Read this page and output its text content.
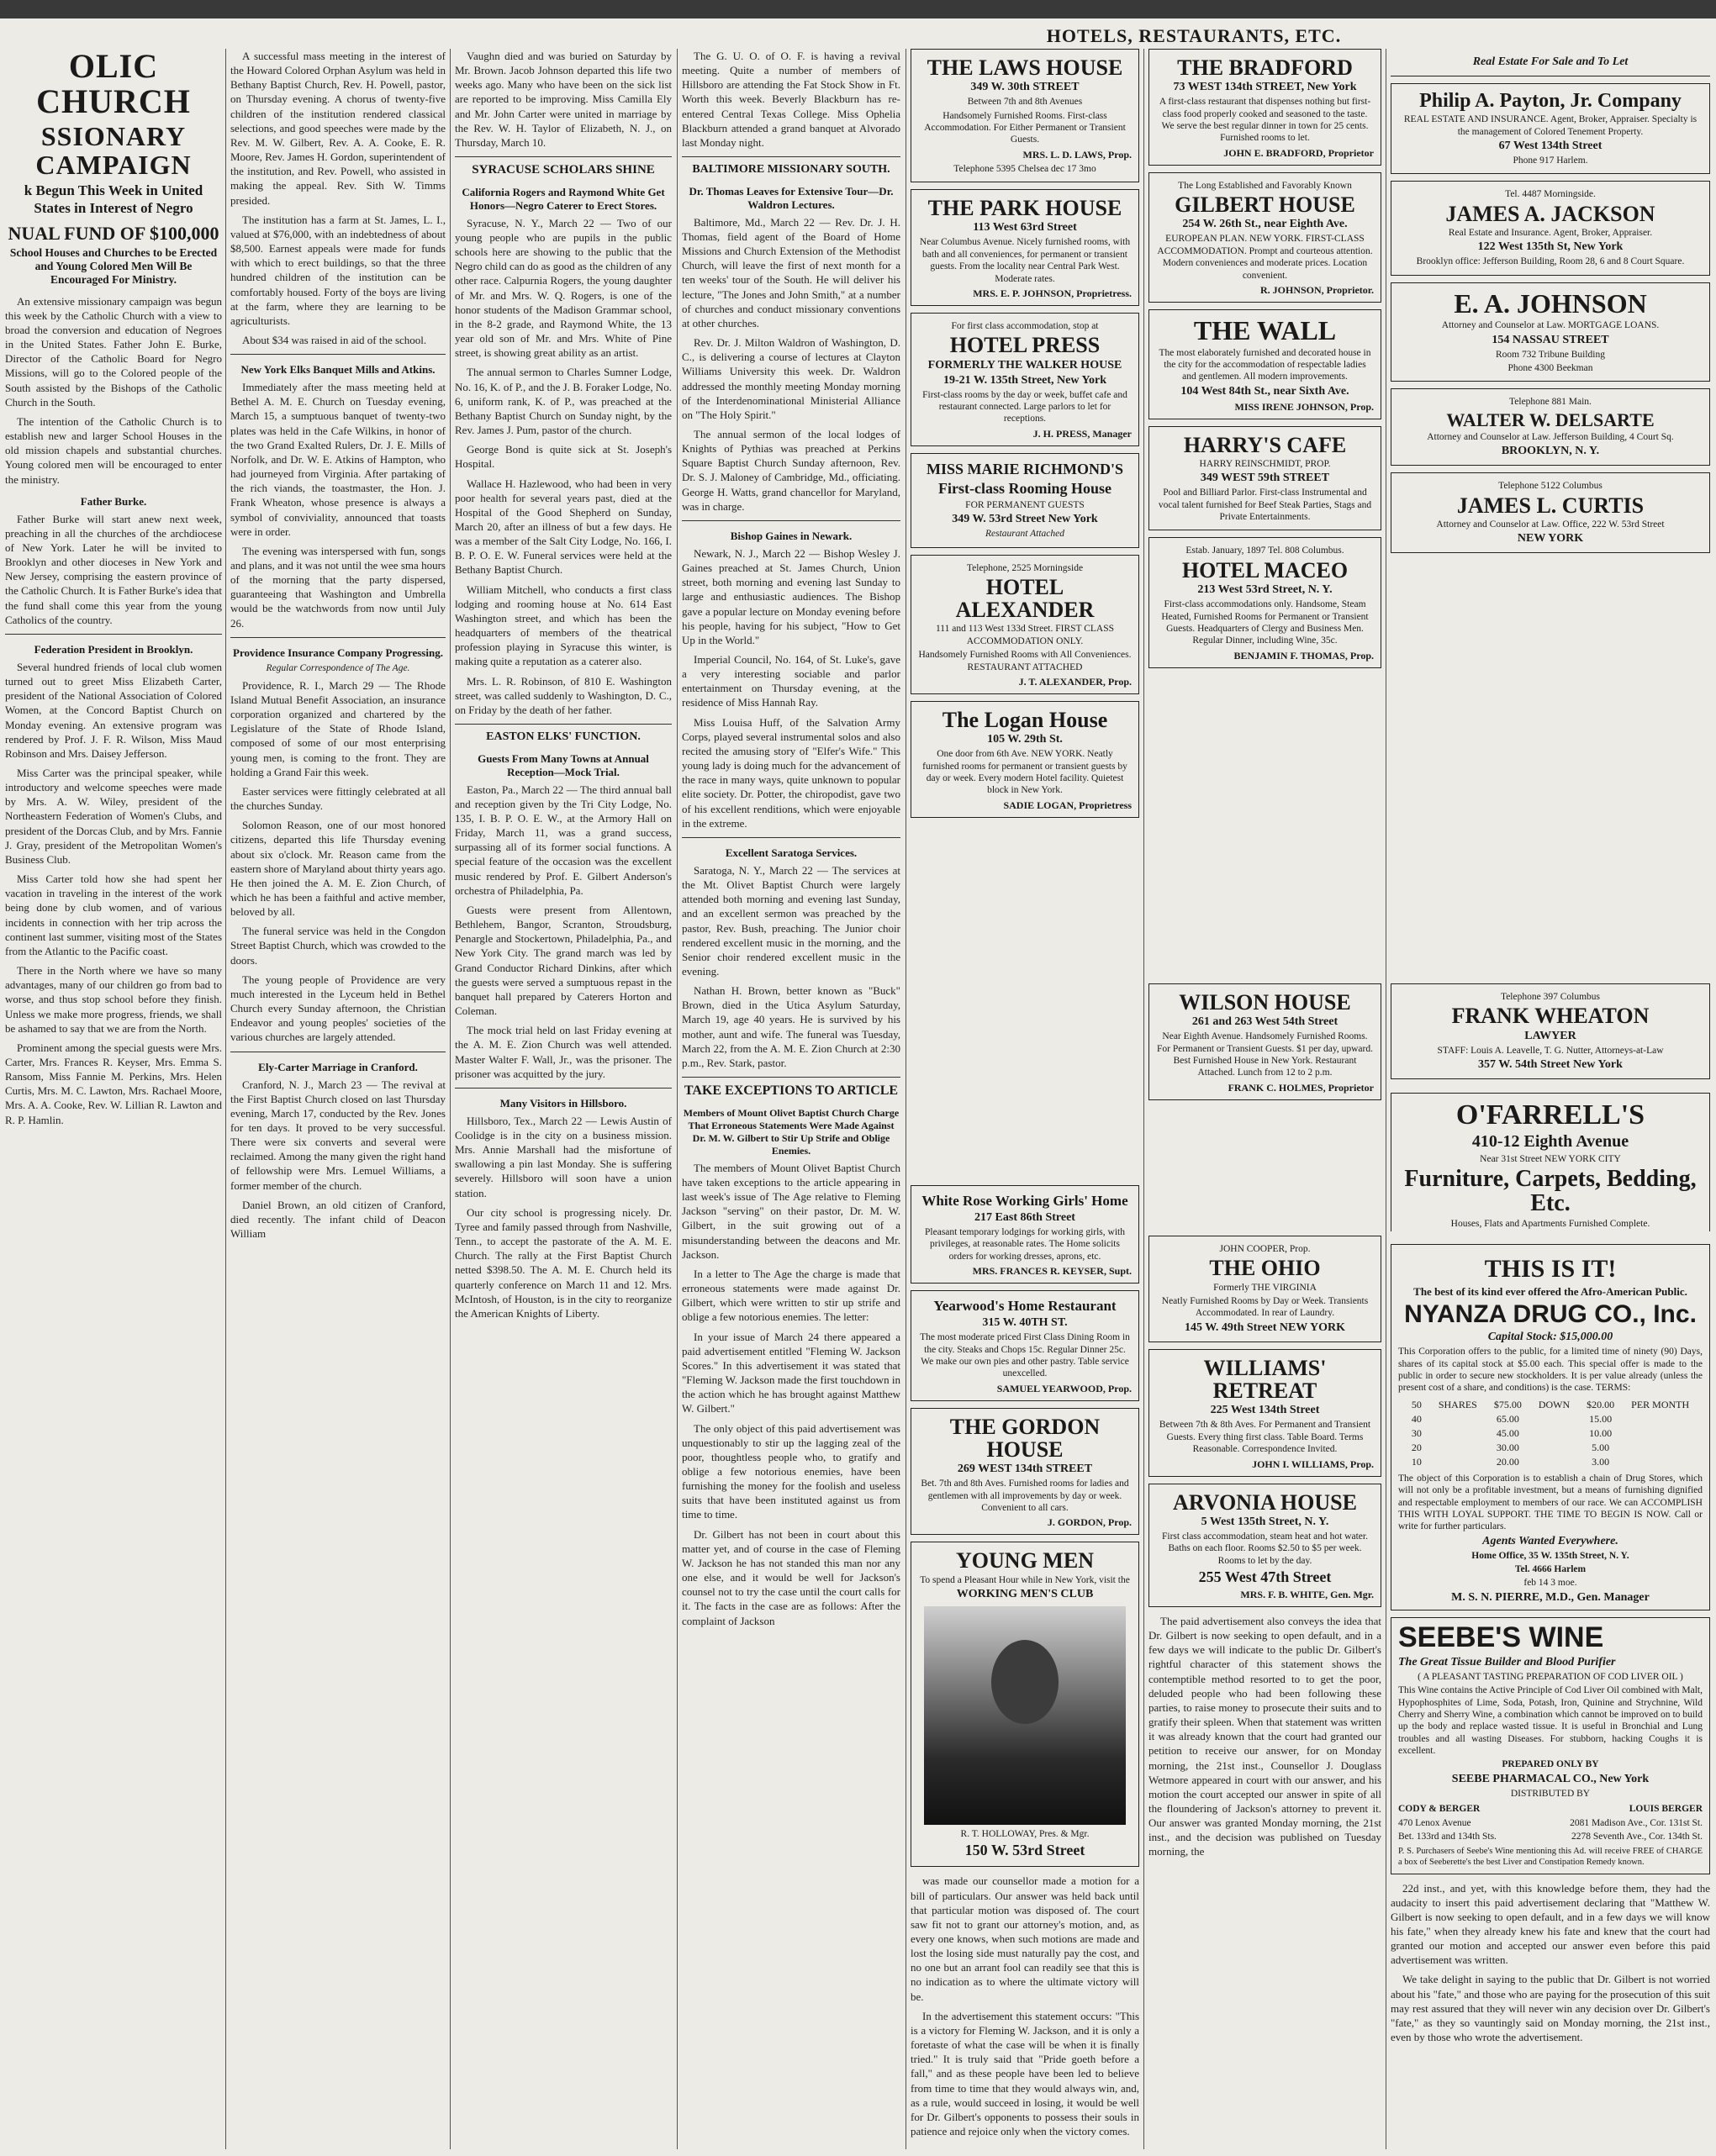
HOTELS, RESTAURANTS, ETC.
OLIC CHURCH
SSIONARY CAMPAIGN
k Begun This Week in United States in Interest of Negro
NUAL FUND OF $100,000
School Houses and Churches to be Erected and Young Colored Men Will Be Encouraged For Ministry.

An extensive missionary campaign was begun this week by the Catholic Church with a view to broad the conversion and education of Negroes in the United States. Father John E. Burke, Director of the Catholic Board for Negro Missions, will go to the Colored people of the South assisted by the Bishops of the Catholic Church in the South.

The intention of the Catholic Church is to establish new and larger School Houses in the old mission chapels and substantial churches. Young colored men will be encouraged to enter the ministry.

Father Burke.

Father Burke will start anew next week, preaching in all the churches of the archdiocese of New York. Later he will be invited to Brooklyn and other dioceses in New York and New Jersey, comprising the eastern province of the Catholic Church. It is Father Burke's idea that the fund shall come this year from the young Catholics of the country.

Federation President in Brooklyn.

Several hundred friends of local club women turned out to greet Miss Elizabeth Carter, president of the National Association of Colored Women, at the Concord Baptist Church on Monday evening. An extensive program was rendered by Prof. J. F. R. Wilson, Miss Maud Robinson and Mrs. Daisey Jefferson.

Miss Carter was the principal speaker, while introductory and welcome speeches were made by Mrs. A. W. Wiley, president of the Northeastern Federation of Women's Clubs, and president of the Dorcas Club, and by Mrs. Fannie J. Gray, president of the Metropolitan Women's Business Club.

Miss Carter told how she had spent her vacation in traveling in the interest of the work being done by club women, and of various incidents in connection with her trip across the continent last summer, visiting most of the States from the Atlantic to the Pacific coast.

There in the North where we have so many advantages, many of our children go from bad to worse, and thus stop school before they finish. Unless we make more progress, friends, we shall be ashamed to say that we are from the North.

Prominent among the special guests were Mrs. Carter, Mrs. Frances R. Keyser, Mrs. Emma S. Ransom, Miss Fannie M. Perkins, Mrs. Helen Curtis, Mrs. M. C. Lawton, Mrs. Rachael Moore, Mrs. A. A. Cooke, Rev. W. Lillian R. Lawton and R. P. Hamlin.

A successful mass meeting in the interest of the Howard Colored Orphan Asylum was held in Bethany Baptist Church, Rev. H. Powell, pastor, on Thursday evening. A chorus of twenty-five children of the institution rendered classical selections, and good speeches were made by the Rev. M. W. Gilbert, Rev. A. A. Cooke, E. R. Moore, Rev. James H. Gordon, superintendent of the institution, and Rev. Powell, who assisted in making the appeal. Rev. Sith W. Timms presided.

The institution has a farm at St. James, L. I., valued at $76,000, with an indebtedness of about $8,500. Earnest appeals were made for funds with which to erect buildings, so that the three hundred children of the institution can be comfortably housed. Forty of the boys are living at the farm, where they are learning to be agriculturists.

About $34 was raised in aid of the school.

New York Elks Banquet Mills and Atkins.

Immediately after the mass meeting held at Bethel A. M. E. Church on Tuesday evening, March 15, a sumptuous banquet of twenty-two plates was held in the Cafe Wilkins, in honor of the two Grand Exalted Rulers, Dr. J. E. Mills of Norfolk, and Dr. W. E. Atkins of Hampton, who had journeyed from Virginia. After partaking of the rich viands, the toastmaster, the Hon. J. Frank Wheaton, whose presence is always a symbol of conviviality, announced that toasts were in order.

The evening was interspersed with fun, songs and plans, and it was not until the wee sma hours of the morning that the party dispersed, guaranteeing that Washington and Umbrella would be the watchwords from now until July 26.

Providence Insurance Company Progressing.
Regular Correspondence of The Age.

Providence, R. I., March 29 — The Rhode Island Mutual Benefit Association, an insurance corporation organized and chartered by the Legislature of the State of Rhode Island, composed of some of our most enterprising young men, is coming to the front. They are holding a Grand Fair this week.

Easter services were fittingly celebrated at all the churches Sunday.

Solomon Reason, one of our most honored citizens, departed this life Thursday evening about six o'clock. Mr. Reason came from the eastern shore of Maryland about thirty years ago. He then joined the A. M. E. Zion Church, of which he has been a faithful and active member, beloved by all.

The funeral service was held in the Congdon Street Baptist Church, which was crowded to the doors.

The young people of Providence are very much interested in the Lyceum held in Bethel Church every Sunday afternoon, the Christian Endeavor and young peoples' societies of the various churches are largely attended.

Ely-Carter Marriage in Cranford.

Cranford, N. J., March 23 — The revival at the First Baptist Church closed on last Thursday evening, March 17, conducted by the Rev. Jones for ten days. It proved to be very successful. There were six converts and several were reclaimed. Among the many given the right hand of fellowship were Mrs. Lemuel Williams, a former member of the church.

Daniel Brown, an old citizen of Cranford, died recently. The infant child of Deacon William

Vaughn died and was buried on Saturday by Mr. Brown. Jacob Johnson departed this life two weeks ago. Many who have been on the sick list are reported to be improving. Miss Camilla Ely and Mr. John Carter were united in marriage by the Rev. W. H. Taylor of Elizabeth, N. J., on Thursday, March 10.

SYRACUSE SCHOLARS SHINE
California Rogers and Raymond White Get Honors—Negro Caterer to Erect Stores.

Syracuse, N. Y., March 22 — Two of our young people who are pupils in the public schools here are showing to the public that the Negro child can do as good as the children of any other race. Calpurnia Rogers, the young daughter of Mr. and Mrs. W. Q. Rogers, is one of the honor students of the Madison Grammar school, in the 8-2 grade, and Raymond White, the 13 year old son of Mr. and Mrs. White of Pine street, is showing great ability as an artist.

The annual sermon to Charles Sumner Lodge, No. 16, K. of P., and the J. B. Foraker Lodge, No. 6, uniform rank, K. of P., was preached at the Bethany Baptist Church on Sunday night, by the Rev. James J. Pum, pastor of the church.

George Bond is quite sick at St. Joseph's Hospital.

Wallace H. Hazlewood, who had been in very poor health for several years past, died at the Hospital of the Good Shepherd on Sunday, March 20, after an illness of but a few days. He was a member of the Salt City Lodge, No. 166, I. B. P. O. E. W. Funeral services were held at the Bethany Baptist Church.

William Mitchell, who conducts a first class lodging and rooming house at No. 614 East Washington street, and which has been the headquarters of members of the theatrical profession playing in Syracuse this winter, is making quite a reputation as a caterer also.

Mrs. L. R. Robinson, of 810 E. Washington street, was called suddenly to Washington, D. C., on Friday by the death of her father.

EASTON ELKS' FUNCTION.
Guests From Many Towns at Annual Reception—Mock Trial.

Easton, Pa., March 22 — The third annual ball and reception given by the Tri City Lodge, No. 135, I. B. P. O. E. W., at the Armory Hall on Friday, March 11, was a grand success, surpassing all of its former social functions. A special feature of the occasion was the excellent music rendered by Prof. E. Gilbert Anderson's orchestra of Philadelphia, Pa.

Guests were present from Allentown, Bethlehem, Bangor, Scranton, Stroudsburg, Penargle and Stockertown, Philadelphia, Pa., and New York City. The grand march was led by Grand Conductor Richard Dinkins, after which the guests were served a sumptuous repast in the banquet hall prepared by Caterers Horton and Coleman.

The mock trial held on last Friday evening at the A. M. E. Zion Church was well attended. Master Walter F. Wall, Jr., was the prisoner. The prisoner was acquitted by the jury.

Many Visitors in Hillsboro.

Hillsboro, Tex., March 22 — Lewis Austin of Coolidge is in the city on a business mission. Mrs. Annie Marshall had the misfortune of swallowing a pin last Monday. She is suffering severely. Hillsboro will soon have a union station.

Our city school is progressing nicely. Dr. Tyree and family passed through from Nashville, Tenn., to accept the pastorate of the A. M. E. Church. The rally at the First Baptist Church netted $398.50. The A. M. E. Church held its quarterly conference on March 11 and 12. Mrs. McIntosh, of Houston, is in the city to reorganize the American Knights of Liberty.

The G. U. O. of O. F. is having a revival meeting. Quite a number of members of Hillsboro are attending the Fat Stock Show in Ft. Worth this week. Beverly Blackburn has re-entered Central Texas College. Miss Ophelia Blackburn attended a grand banquet at Alvorado last Monday night.

BALTIMORE MISSIONARY SOUTH.
Dr. Thomas Leaves for Extensive Tour—Dr. Waldron Lectures.

Baltimore, Md., March 22 — Rev. Dr. J. H. Thomas, field agent of the Board of Home Missions and Church Extension of the Methodist Church, will leave the first of next month for a ten weeks' tour of the South. He will deliver his lecture, "The Jones and John Smith," at a number of churches and conduct missionary conventions at other churches.

Rev. Dr. J. Milton Waldron of Washington, D. C., is delivering a course of lectures at Clayton Williams University this week. Dr. Waldron addressed the monthly meeting Monday morning of the Interdenominational Ministerial Alliance on "The Holy Spirit."

The annual sermon of the local lodges of Knights of Pythias was preached at Perkins Square Baptist Church Sunday afternoon, Rev. Dr. S. J. Maloney of Cambridge, Md., officiating. George H. Watts, grand chancellor for Maryland, was in charge.

Bishop Gaines in Newark.

Newark, N. J., March 22 — Bishop Wesley J. Gaines preached at St. James Church, Union street, both morning and evening last Sunday to large and enthusiastic audiences. The Bishop gave a popular lecture on Monday evening before his people, having for his subject, "How to Get Up in the World."

Imperial Council, No. 164, of St. Luke's, gave a very interesting sociable and parlor entertainment on Thursday evening, at the residence of Miss Hannah Ray.

Miss Louisa Huff, of the Salvation Army Corps, played several instrumental solos and also recited the amusing story of "Elfer's Wife." This young lady is doing much for the advancement of the race in many ways, quite unknown to popular elite society. Dr. Potter, the chiropodist, gave two of his excellent renditions, which were enjoyable in the extreme.

Excellent Saratoga Services.

Saratoga, N. Y., March 22 — The services at the Mt. Olivet Baptist Church were largely attended both morning and evening last Sunday, and an excellent sermon was preached by the pastor, Rev. Bush, preaching. The Junior choir rendered excellent music in the morning, and the Senior choir rendered excellent music in the evening.

Nathan H. Brown, better known as "Buck" Brown, died in the Utica Asylum Saturday, March 19, age 40 years. He is survived by his mother, aunt and wife. The funeral was Tuesday, March 22, from the A. M. E. Zion Church at 2:30 p.m., Rev. Stark, pastor.

TAKE EXCEPTIONS TO ARTICLE
Members of Mount Olivet Baptist Church Charge That Erroneous Statements Were Made Against Dr. M. W. Gilbert to Stir Up Strife and Oblige Enemies.

The members of Mount Olivet Baptist Church have taken exceptions to the article appearing in last week's issue of The Age relative to Fleming Jackson "serving" on their pastor, Dr. M. W. Gilbert, in the suit growing out of a misunderstanding between the deacons and Mr. Jackson.

In a letter to The Age the charge is made that erroneous statements were made against Dr. Gilbert, which were written to stir up strife and oblige a few notorious enemies. The letter:

In your issue of March 24 there appeared a paid advertisement entitled "Fleming W. Jackson Scores." In this advertisement it was stated that "Fleming W. Jackson made the first touchdown in the action which he has brought against Matthew W. Gilbert."

The only object of this paid advertisement was unquestionably to stir up the lagging zeal of the poor, thoughtless people who, to gratify and oblige a few notorious enemies, have been furnishing the money for the foolish and useless suits that have been instituted against us from time to time.

Dr. Gilbert has not been in court about this matter yet, and of course in the case of Fleming W. Jackson he has not standed this man nor any one else, and it would be well for Jackson's counsel not to try the case until the court calls for it. The facts in the case are as follows: After the complaint of Jackson

THE LAWS HOUSE
349 W. 30th STREET
Between 7th and 8th Avenues
Handsomely Furnished Rooms. First-class Accommodation. For Either Permanent or Transient Guests.
MRS. L. D. LAWS, Prop.
Telephone 5395 Chelsea dec 17 3mo
THE PARK HOUSE
113 West 63rd Street
Near Columbus Avenue. Nicely furnished rooms, with bath and all conveniences, for permanent or transient guests. From the locality near Central Park West. Moderate rates.
MRS. E. P. JOHNSON, Proprietress.
For first class accommodation, stop at
HOTEL PRESS
FORMERLY THE WALKER HOUSE
19-21 W. 135th Street, New York
First-class rooms by the day or week, buffet cafe and restaurant connected. Large parlors to let for receptions.
J. H. PRESS, Manager
MISS MARIE RICHMOND'S
First-class Rooming House
FOR PERMANENT GUESTS
349 W. 53rd Street New York
Restaurant Attached
Telephone, 2525 Morningside
HOTEL ALEXANDER
111 and 113 West 133d Street. FIRST CLASS ACCOMMODATION ONLY.
Handsomely Furnished Rooms with All Conveniences. RESTAURANT ATTACHED
J. T. ALEXANDER, Prop.
The Logan House
105 W. 29th St.
One door from 6th Ave. NEW YORK. Neatly furnished rooms for permanent or transient guests by day or week. Every modern Hotel facility. Quietest block in New York.
SADIE LOGAN, Proprietress
THE BRADFORD
73 WEST 134th STREET, New York
A first-class restaurant that dispenses nothing but first-class food properly cooked and seasoned to the taste. We serve the best regular dinner in town for 25 cents. Furnished rooms to let.
JOHN E. BRADFORD, Proprietor
The Long Established and Favorably Known
GILBERT HOUSE
254 W. 26th St., near Eighth Ave.
EUROPEAN PLAN. NEW YORK. FIRST-CLASS ACCOMMODATION. Prompt and courteous attention. Modern conveniences and moderate prices. Location convenient.
R. JOHNSON, Proprietor.
THE WALL
The most elaborately furnished and decorated house in the city for the accommodation of respectable ladies and gentlemen. All modern improvements.
104 West 84th St., near Sixth Ave.
MISS IRENE JOHNSON, Prop.
HARRY'S CAFE
HARRY REINSCHMIDT, PROP.
349 WEST 59th STREET
Pool and Billiard Parlor. First-class Instrumental and vocal talent furnished for Beef Steak Parties, Stags and Private Entertainments.
Estab. January, 1897 Tel. 808 Columbus.
HOTEL MACEO
213 West 53rd Street, N. Y.
First-class accommodations only. Handsome, Steam Heated, Furnished Rooms for Permanent or Transient Guests. Headquarters of Clergy and Business Men. Regular Dinner, including Wine, 35c.
BENJAMIN F. THOMAS, Prop.
Real Estate For Sale and To Let
Philip A. Payton, Jr. Company
REAL ESTATE AND INSURANCE. Agent, Broker, Appraiser. Specialty is the management of Colored Tenement Property.
67 West 134th Street
Phone 917 Harlem.
Tel. 4487 Morningside.
JAMES A. JACKSON
Real Estate and Insurance. Agent, Broker, Appraiser.
122 West 135th St, New York
Brooklyn office: Jefferson Building, Room 28, 6 and 8 Court Square.
E. A. JOHNSON
Attorney and Counselor at Law. MORTGAGE LOANS.
154 NASSAU STREET
Room 732 Tribune Building
Phone 4300 Beekman
Telephone 881 Main.
WALTER W. DELSARTE
Attorney and Counselor at Law. Jefferson Building, 4 Court Sq.
BROOKLYN, N. Y.
Telephone 5122 Columbus
JAMES L. CURTIS
Attorney and Counselor at Law. Office, 222 W. 53rd Street
NEW YORK
White Rose Working Girls' Home
217 East 86th Street
Pleasant temporary lodgings for working girls, with privileges, at reasonable rates. The Home solicits orders for working dresses, aprons, etc.
MRS. FRANCES R. KEYSER, Supt.
Yearwood's Home Restaurant
315 W. 40TH ST.
The most moderate priced First Class Dining Room in the city. Steaks and Chops 15c. Regular Dinner 25c. We make our own pies and other pastry. Table service unexcelled.
SAMUEL YEARWOOD, Prop.
THE GORDON HOUSE
269 WEST 134th STREET
Bet. 7th and 8th Aves. Furnished rooms for ladies and gentlemen with all improvements by day or week. Convenient to all cars.
J. GORDON, Prop.
YOUNG MEN
To spend a Pleasant Hour while in New York, visit the
WORKING MEN'S CLUB
R. T. HOLLOWAY, Pres. & Mgr.
150 W. 53rd Street

was made our counsellor made a motion for a bill of particulars. Our answer was held back until that particular motion was disposed of. The court saw fit not to grant our attorney's motion, and, as every one knows, when such motions are made and lost the losing side must naturally pay the cost, and no one but an arrant fool can readily see that this is no indication as to where the ultimate victory will be.

In the advertisement this statement occurs: "This is a victory for Fleming W. Jackson, and it is only a foretaste of what the case will be when it is finally tried." It is truly said that "Pride goeth before a fall," and as these people have been led to believe from time to time that they would always win, and, as a rule, would succeed in losing, it would be well for Dr. Gilbert's opponents to possess their souls in patience and rejoice only when the victory comes.

WILSON HOUSE
261 and 263 West 54th Street
Near Eighth Avenue. Handsomely Furnished Rooms. For Permanent or Transient Guests. $1 per day, upward. Best Furnished House in New York. Restaurant Attached. Lunch from 12 to 2 p.m.
FRANK C. HOLMES, Proprietor
JOHN COOPER, Prop.
THE OHIO
Formerly THE VIRGINIA
Neatly Furnished Rooms by Day or Week. Transients Accommodated. In rear of Laundry.
145 W. 49th Street NEW YORK
WILLIAMS' RETREAT
225 West 134th Street
Between 7th & 8th Aves. For Permanent and Transient Guests. Every thing first class. Table Board. Terms Reasonable. Correspondence Invited.
JOHN I. WILLIAMS, Prop.
ARVONIA HOUSE
5 West 135th Street, N. Y.
First class accommodation, steam heat and hot water. Baths on each floor. Rooms $2.50 to $5 per week. Rooms to let by the day.
255 West 47th Street
MRS. F. B. WHITE, Gen. Mgr.

The paid advertisement also conveys the idea that Dr. Gilbert is now seeking to open default, and in a few days we will indicate to the public Dr. Gilbert's rightful character of this statement shows the contemptible method resorted to to get the poor, deluded people who had been following these parties, to raise money to prosecute their suits and to gratify their spleen. When that statement was written it was already known that the court had granted our petition to receive our answer, for on Monday morning, the 21st inst., Counsellor J. Douglass Wetmore appeared in court with our answer, and his motion the court accepted our answer in spite of all the floundering of Jackson's attorney to prevent it. Our answer was granted Monday morning, the 21st inst., and the decision was published on Tuesday morning, the

Telephone 397 Columbus
FRANK WHEATON
LAWYER
STAFF: Louis A. Leavelle, T. G. Nutter, Attorneys-at-Law
357 W. 54th Street New York
O'FARRELL'S
410-12 Eighth Avenue
Near 31st Street NEW YORK CITY
Furniture, Carpets, Bedding, Etc.
Houses, Flats and Apartments Furnished Complete.
THIS IS IT!
The best of its kind ever offered the Afro-American Public.
NYANZA DRUG CO., Inc.
Capital Stock: $15,000.00
This Corporation offers to the public, for a limited time of ninety (90) Days, shares of its capital stock at $5.00 each. This special offer is made to the public in order to secure new stockholders. It is per value already (unless the present cost of a share, and conditions) is the case. TERMS:
50	SHARES	$75.00	DOWN	$20.00	PER MONTH
40		65.00		15.00	
30		45.00		10.00	
20		30.00		5.00	
10		20.00		3.00	
The object of this Corporation is to establish a chain of Drug Stores, which will not only be a profitable investment, but a means of furnishing dignified and respectable employment to members of our race. We can ACCOMPLISH THIS WITH LOYAL SUPPORT. THE TIME TO BEGIN IS NOW. Call or write for further particulars.
Agents Wanted Everywhere.
Home Office, 35 W. 135th Street, N. Y.
Tel. 4666 Harlem
feb 14 3 moe.
M. S. N. PIERRE, M.D., Gen. Manager
SEEBE'S WINE
The Great Tissue Builder and Blood Purifier
( A PLEASANT TASTING PREPARATION OF COD LIVER OIL )
This Wine contains the Active Principle of Cod Liver Oil combined with Malt, Hypophosphites of Lime, Soda, Potash, Iron, Quinine and Strychnine, Wild Cherry and Sherry Wine, a combination which cannot be improved on to build up the body and replace wasted tissue. It is useful in Bronchial and Lung troubles and all wasting Diseases. For stubborn, hacking Coughs it is excellent.
PREPARED ONLY BY
SEEBE PHARMACAL CO., New York
DISTRIBUTED BY
CODY & BERGER
470 Lenox Avenue
Bet. 133rd and 134th Sts.
LOUIS BERGER
2081 Madison Ave., Cor. 131st St.
2278 Seventh Ave., Cor. 134th St.
P. S. Purchasers of Seebe's Wine mentioning this Ad. will receive FREE of CHARGE a box of Seeberette's the best Liver and Constipation Remedy known.

22d inst., and yet, with this knowledge before them, they had the audacity to insert this paid advertisement declaring that "Matthew W. Gilbert is now seeking to open default, and in a few days we will know his fate," when they already knew his fate and knew that the court had granted our motion and accepted our answer even before this paid advertisement was written.

We take delight in saying to the public that Dr. Gilbert is not worried about his "fate," and those who are paying for the prosecution of this suit may rest assured that they will never win any decision over Dr. Gilbert's "fate," as they so vauntingly said on Monday morning, the 21st inst., even by those who wrote the advertisement.
